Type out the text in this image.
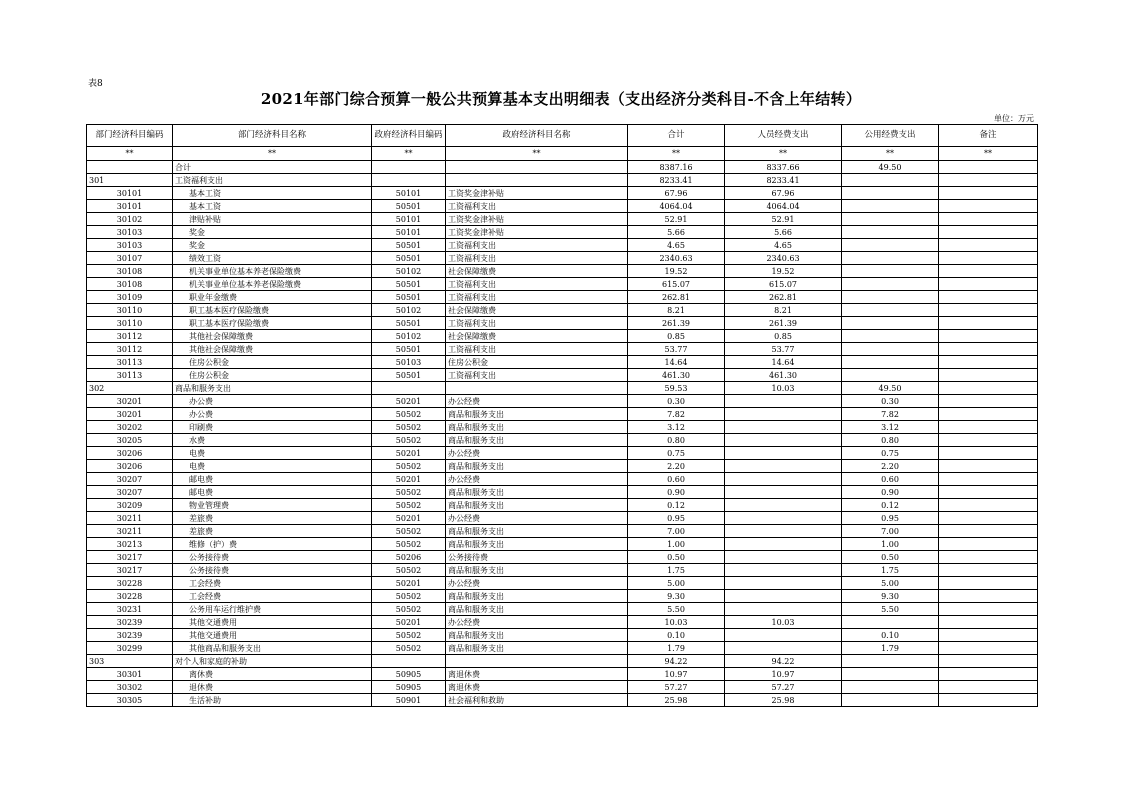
表8
2021年部门综合预算一般公共预算基本支出明细表（支出经济分类科目-不含上年结转）
单位：万元
部门经济科目编码	部门经济科目名称	政府经济科目编码	政府经济科目名称	合计	人员经费支出	公用经费支出	备注
**	**	**	**	**	**	**	**
	合计			8387.16	8337.66	49.50	
301	工资福利支出			8233.41	8233.41		
30101	基本工资	50101	工资奖金津补贴	67.96	67.96		
30101	基本工资	50501	工资福利支出	4064.04	4064.04		
30102	津贴补贴	50101	工资奖金津补贴	52.91	52.91		
30103	奖金	50101	工资奖金津补贴	5.66	5.66		
30103	奖金	50501	工资福利支出	4.65	4.65		
30107	绩效工资	50501	工资福利支出	2340.63	2340.63		
30108	机关事业单位基本养老保险缴费	50102	社会保障缴费	19.52	19.52		
30108	机关事业单位基本养老保险缴费	50501	工资福利支出	615.07	615.07		
30109	职业年金缴费	50501	工资福利支出	262.81	262.81		
30110	职工基本医疗保险缴费	50102	社会保障缴费	8.21	8.21		
30110	职工基本医疗保险缴费	50501	工资福利支出	261.39	261.39		
30112	其他社会保障缴费	50102	社会保障缴费	0.85	0.85		
30112	其他社会保障缴费	50501	工资福利支出	53.77	53.77		
30113	住房公积金	50103	住房公积金	14.64	14.64		
30113	住房公积金	50501	工资福利支出	461.30	461.30		
302	商品和服务支出			59.53	10.03	49.50	
30201	办公费	50201	办公经费	0.30		0.30	
30201	办公费	50502	商品和服务支出	7.82		7.82	
30202	印刷费	50502	商品和服务支出	3.12		3.12	
30205	水费	50502	商品和服务支出	0.80		0.80	
30206	电费	50201	办公经费	0.75		0.75	
30206	电费	50502	商品和服务支出	2.20		2.20	
30207	邮电费	50201	办公经费	0.60		0.60	
30207	邮电费	50502	商品和服务支出	0.90		0.90	
30209	物业管理费	50502	商品和服务支出	0.12		0.12	
30211	差旅费	50201	办公经费	0.95		0.95	
30211	差旅费	50502	商品和服务支出	7.00		7.00	
30213	维修（护）费	50502	商品和服务支出	1.00		1.00	
30217	公务接待费	50206	公务接待费	0.50		0.50	
30217	公务接待费	50502	商品和服务支出	1.75		1.75	
30228	工会经费	50201	办公经费	5.00		5.00	
30228	工会经费	50502	商品和服务支出	9.30		9.30	
30231	公务用车运行维护费	50502	商品和服务支出	5.50		5.50	
30239	其他交通费用	50201	办公经费	10.03	10.03		
30239	其他交通费用	50502	商品和服务支出	0.10		0.10	
30299	其他商品和服务支出	50502	商品和服务支出	1.79		1.79	
303	对个人和家庭的补助			94.22	94.22		
30301	离休费	50905	离退休费	10.97	10.97		
30302	退休费	50905	离退休费	57.27	57.27		
30305	生活补助	50901	社会福利和救助	25.98	25.98		
